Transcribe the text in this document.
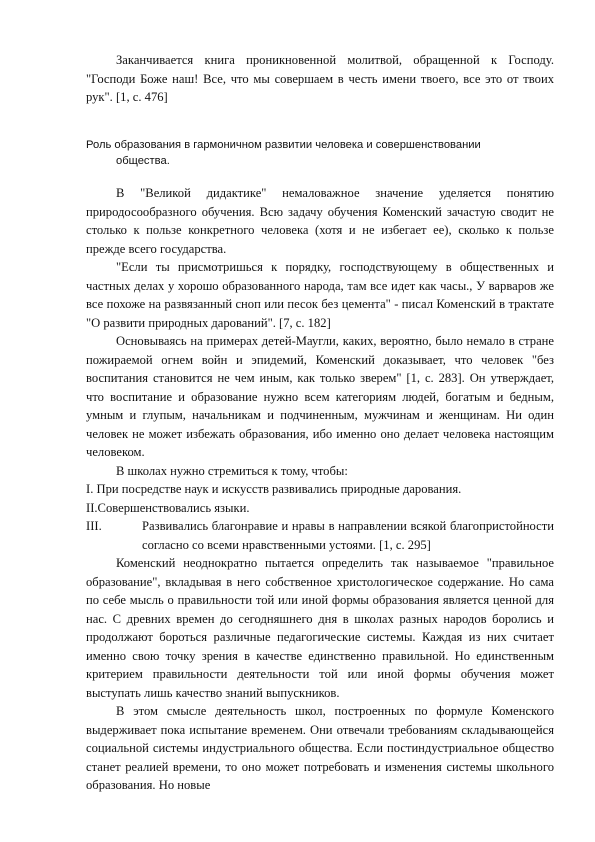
Заканчивается книга проникновенной молитвой, обращенной к Господу. "Господи Боже наш! Все, что мы совершаем в честь имени твоего, все это от твоих рук". [1, с. 476]

Роль образования в гармоничном развитии человека и совершенствовании
общества.

В "Великой дидактике" немаловажное значение уделяется понятию природосообразного обучения. Всю задачу обучения Коменский зачастую сводит не столько к пользе конкретного человека (хотя и не избегает ее), сколько к пользе прежде всего государства.

"Если ты присмотришься к порядку, господствующему в общественных и частных делах у хорошо образованного народа, там все идет как часы., У варваров же все похоже на развязанный сноп или песок без цемента" - писал Коменский в трактате "О развити природных дарований". [7, с. 182]

Основываясь на примерах детей-Маугли, каких, вероятно, было немало в стране пожираемой огнем войн и эпидемий, Коменский доказывает, что человек "без воспитания становится не чем иным, как только зверем" [1, с. 283]. Он утверждает, что воспитание и образование нужно всем категориям людей, богатым и бедным, умным и глупым, начальникам и подчиненным, мужчинам и женщинам. Ни один человек не может избежать образования, ибо именно оно делает человека настоящим человеком.

В школах нужно стремиться к тому, чтобы:

I.
При посредстве наук и искусств развивались природные дарования.
II. Совершенствовались языки.
III.	Развивались благонравие и нравы в направлении всякой благопристойности согласно со всеми нравственными устоями. [1, с. 295]

Коменский неоднократно пытается определить так называемое "правильное образование", вкладывая в него собственное христологическое содержание. Но сама по себе мысль о правильности той или иной формы образования является ценной для нас. С древних времен до сегодняшнего дня в школах разных народов боролись и продолжают бороться различные педагогические системы. Каждая из них считает именно свою точку зрения в качестве единственно правильной. Но единственным критерием правильности деятельности той или иной формы обучения может выступать лишь качество знаний выпускников.

В этом смысле деятельность школ, построенных по формуле Коменского выдерживает пока испытание временем. Они отвечали требованиям складывающейся социальной системы индустриального общества. Если постиндустриальное общество станет реалией времени, то оно может потребовать и изменения системы школьного образования. Но новые
